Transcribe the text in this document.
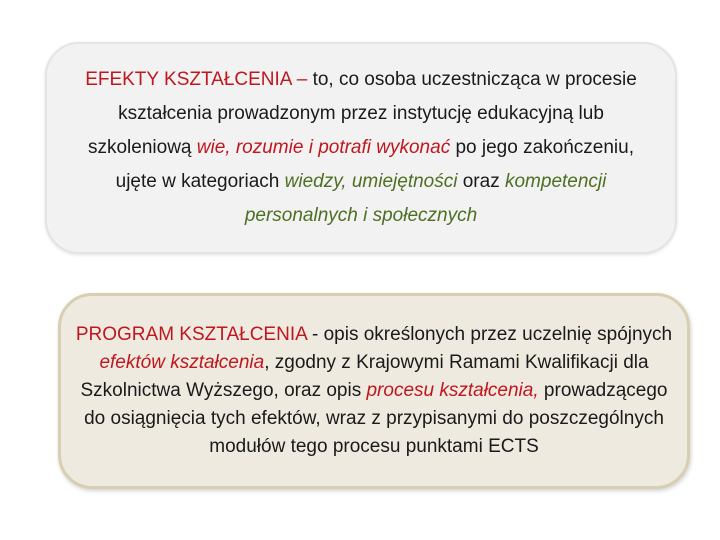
EFEKTY KSZTAŁCENIA – to, co osoba uczestnicząca w procesie kształcenia prowadzonym przez instytucję edukacyjną lub szkoleniową wie, rozumie i potrafi wykonać po jego zakończeniu, ujęte w kategoriach wiedzy, umiejętności oraz kompetencji personalnych i społecznych

PROGRAM KSZTAŁCENIA - opis określonych przez uczelnię spójnych efektów kształcenia, zgodny z Krajowymi Ramami Kwalifikacji dla Szkolnictwa Wyższego, oraz opis procesu kształcenia, prowadzącego do osiągnięcia tych efektów, wraz z przypisanymi do poszczególnych modułów tego procesu punktami ECTS
